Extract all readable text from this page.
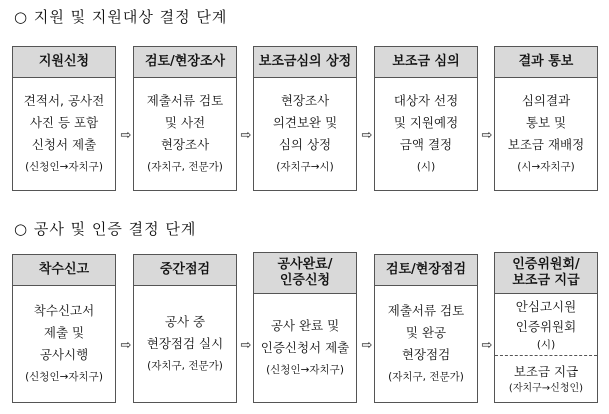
○ 지원 및 지원대상 결정 단계
지원신청
견적서, 공사전
사진 등 포함
신청서 제출
(신청인→자치구)
⇨
검토/현장조사
제출서류 검토
및 사전
현장조사
(자치구, 전문가)
⇨
보조금심의 상정
현장조사
의견보완 및
심의 상정
(자치구→시)
⇨
보조금 심의
대상자 선정
및 지원예정
금액 결정
(시)
⇨
결과 통보
심의결과
통보 및
보조금 재배정
(시→자치구)
○ 공사 및 인증 결정 단계
착수신고
착수신고서
제출 및
공사시행
(신청인→자치구)
⇨
중간점검
공사 중
현장점검 실시
(자치구, 전문가)
⇨
공사완료/
인증신청
공사 완료 및
인증신청서 제출
(신청인→자치구)
⇨
검토/현장점검
제출서류 검토
및 완공
현장점검
(자치구, 전문가)
⇨
인증위원회/
보조금 지급
안심고시원
인증위원회
(시)
보조금 지급
(자치구→신청인)
